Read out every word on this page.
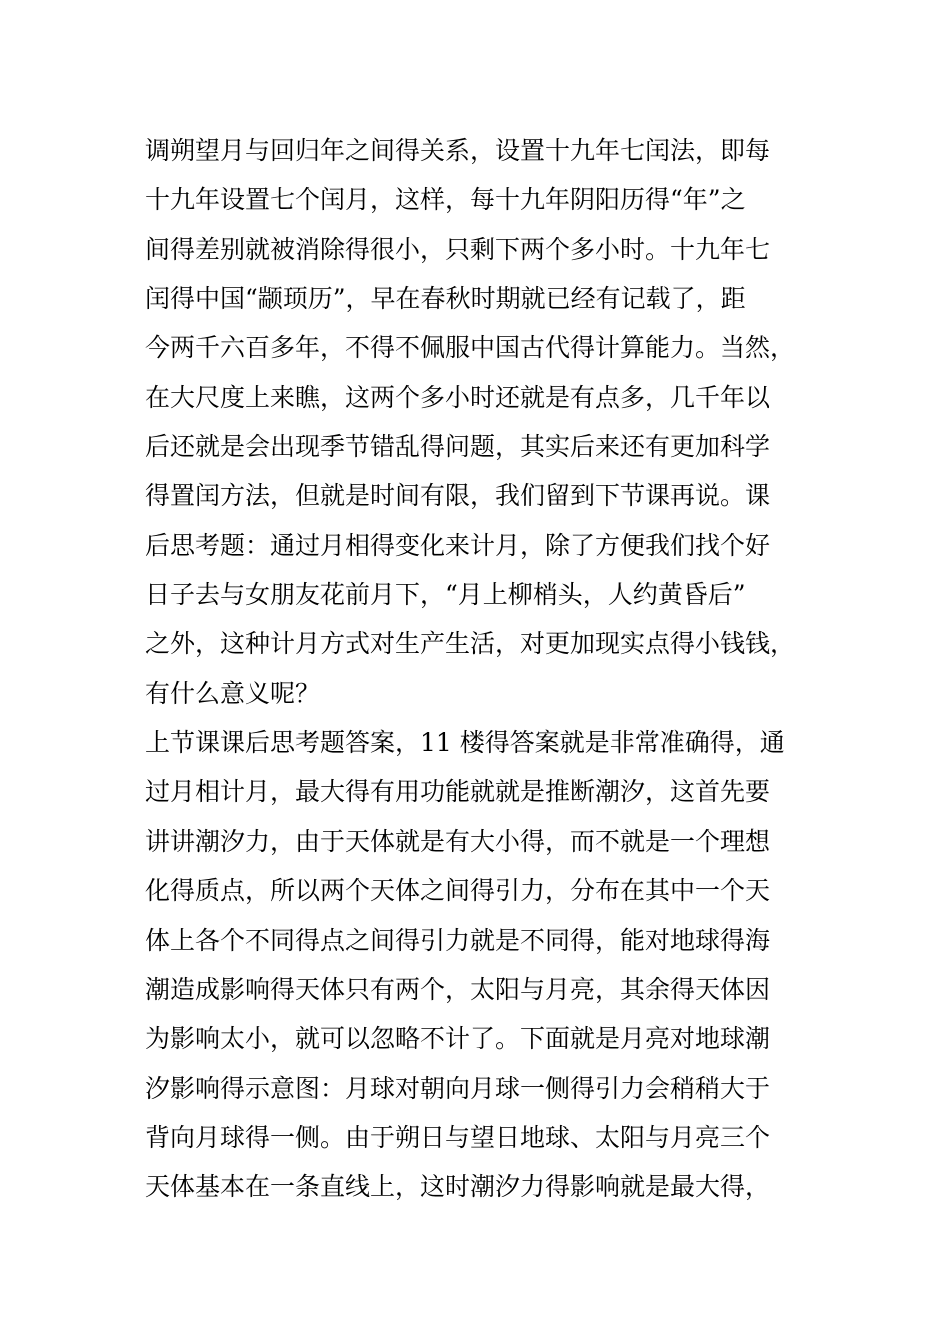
调朔望月与回归年之间得关系，设置十九年七闰法，即每
十九年设置七个闰月，这样，每十九年阴阳历得“年”之
间得差别就被消除得很小，只剩下两个多小时。十九年七
闰得中国“颛顼历”，早在春秋时期就已经有记载了，距
今两千六百多年，不得不佩服中国古代得计算能力。当然，
在大尺度上来瞧，这两个多小时还就是有点多，几千年以
后还就是会出现季节错乱得问题，其实后来还有更加科学
得置闰方法，但就是时间有限，我们留到下节课再说。课
后思考题：通过月相得变化来计月，除了方便我们找个好
日子去与女朋友花前月下，“月上柳梢头，人约黄昏后”
之外，这种计月方式对生产生活，对更加现实点得小钱钱，
有什么意义呢？
上节课课后思考题答案，11 楼得答案就是非常准确得，通
过月相计月，最大得有用功能就就是推断潮汐，这首先要
讲讲潮汐力，由于天体就是有大小得，而不就是一个理想
化得质点，所以两个天体之间得引力，分布在其中一个天
体上各个不同得点之间得引力就是不同得，能对地球得海
潮造成影响得天体只有两个，太阳与月亮，其余得天体因
为影响太小，就可以忽略不计了。下面就是月亮对地球潮
汐影响得示意图：月球对朝向月球一侧得引力会稍稍大于
背向月球得一侧。由于朔日与望日地球、太阳与月亮三个
天体基本在一条直线上，这时潮汐力得影响就是最大得，
